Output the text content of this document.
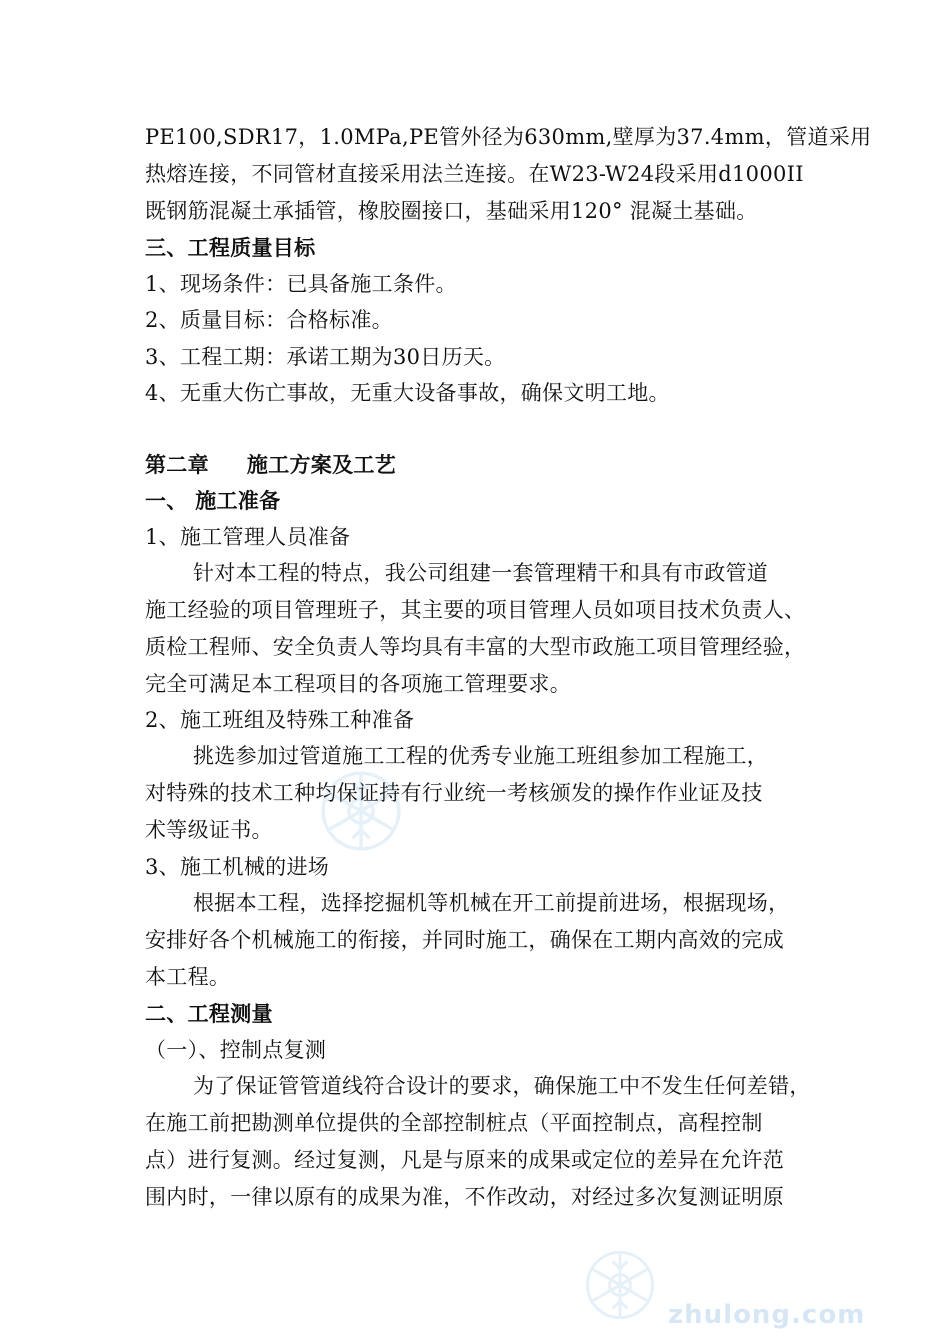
PE100,SDR17，1.0MPa,PE管外径为630mm,壁厚为37.4mm，管道采用
热熔连接，不同管材直接采用法兰连接。在W23-W24段采用d1000II
既钢筋混凝土承插管，橡胶圈接口，基础采用120° 混凝土基础。
三、工程质量目标
1、现场条件：已具备施工条件。
2、质量目标：合格标准。
3、工程工期：承诺工期为30日历天。
4、无重大伤亡事故，无重大设备事故，确保文明工地。
第二章 施工方案及工艺
一、 施工准备
1、施工管理人员准备
针对本工程的特点，我公司组建一套管理精干和具有市政管道
施工经验的项目管理班子，其主要的项目管理人员如项目技术负责人、
质检工程师、安全负责人等均具有丰富的大型市政施工项目管理经验，
完全可满足本工程项目的各项施工管理要求。
2、施工班组及特殊工种准备
挑选参加过管道施工工程的优秀专业施工班组参加工程施工，
对特殊的技术工种均保证持有行业统一考核颁发的操作作业证及技
术等级证书。
3、施工机械的进场
根据本工程，选择挖掘机等机械在开工前提前进场，根据现场，
安排好各个机械施工的衔接，并同时施工，确保在工期内高效的完成
本工程。
二、工程测量
（一）、控制点复测
为了保证管管道线符合设计的要求，确保施工中不发生任何差错，
在施工前把勘测单位提供的全部控制桩点（平面控制点，高程控制
点）进行复测。经过复测，凡是与原来的成果或定位的差异在允许范
围内时，一律以原有的成果为准，不作改动，对经过多次复测证明原
zhulong.com
